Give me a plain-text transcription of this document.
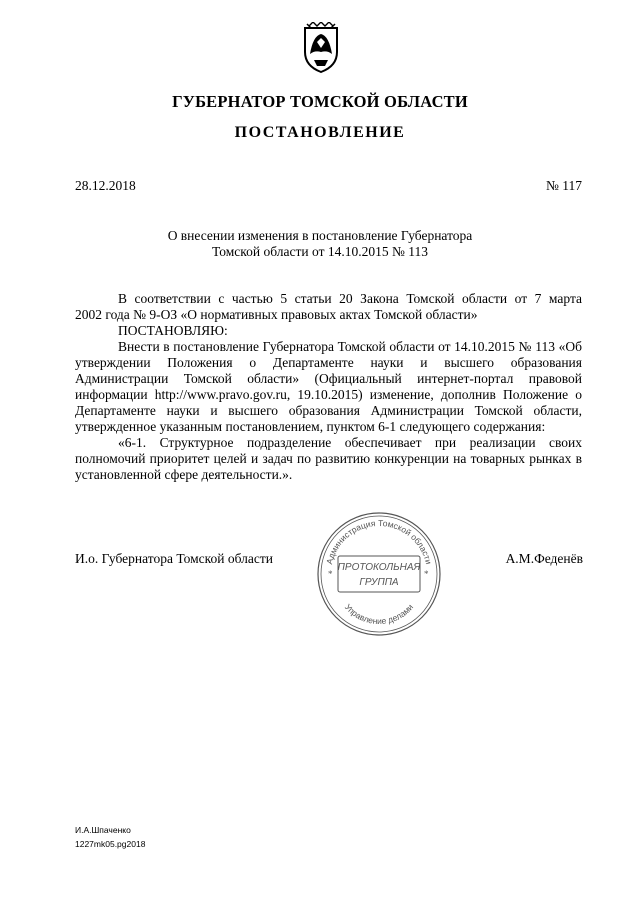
ГУБЕРНАТОР ТОМСКОЙ ОБЛАСТИ
ПОСТАНОВЛЕНИЕ
28.12.2018	№ 117
О внесении изменения в постановление Губернатора
Томской области от 14.10.2015 № 113

В соответствии с частью 5 статьи 20 Закона Томской области от 7 марта

2002 года № 9-ОЗ «О нормативных правовых актах Томской области»

ПОСТАНОВЛЯЮ:

Внести в постановление Губернатора Томской области от 14.10.2015 № 113 «Об утверждении Положения о Департаменте науки и высшего образования Администрации Томской области» (Официальный интернет-портал правовой информации http://www.pravo.gov.ru, 19.10.2015) изменение, дополнив Положение о Департаменте науки и высшего образования Администрации Томской области, утвержденное указанным постановлением, пунктом 6-1 следующего содержания:

«6-1. Структурное подразделение обеспечивает при реализации своих полномочий приоритет целей и задач по развитию конкуренции на товарных рынках в установленной сфере деятельности.».

И.о. Губернатора Томской области	А.М.Феденёв
Администрация Томской области
Управление делами
ПРОТОКОЛЬНАЯ
ГРУППА
*	*
И.А.Шпаченко
1227mk05.pg2018
